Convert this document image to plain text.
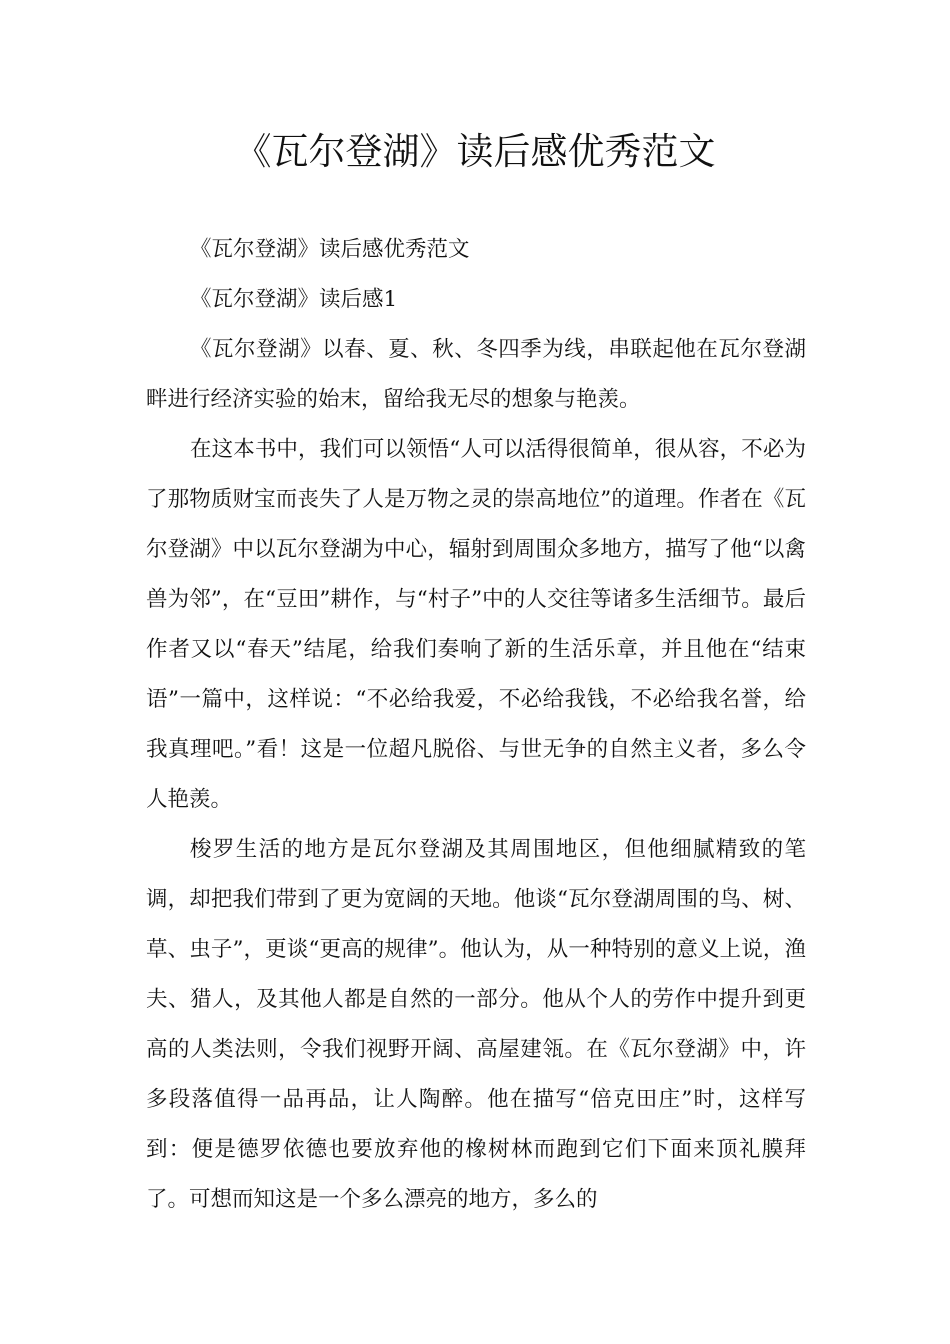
《瓦尔登湖》读后感优秀范文

《瓦尔登湖》读后感优秀范文

《瓦尔登湖》读后感1

《瓦尔登湖》以春、夏、秋、冬四季为线，串联起他在瓦尔登湖畔进行经济实验的始末，留给我无尽的想象与艳羡。

在这本书中，我们可以领悟“人可以活得很简单，很从容，不必为了那物质财宝而丧失了人是万物之灵的崇高地位”的道理。作者在《瓦尔登湖》中以瓦尔登湖为中心，辐射到周围众多地方，描写了他“以禽兽为邻”，在“豆田”耕作，与“村子”中的人交往等诸多生活细节。最后作者又以“春天”结尾，给我们奏响了新的生活乐章，并且他在“结束语”一篇中，这样说：“不必给我爱，不必给我钱，不必给我名誉，给我真理吧。”看！这是一位超凡脱俗、与世无争的自然主义者，多么令人艳羡。

梭罗生活的地方是瓦尔登湖及其周围地区，但他细腻精致的笔调，却把我们带到了更为宽阔的天地。他谈“瓦尔登湖周围的鸟、树、草、虫子”，更谈“更高的规律”。他认为，从一种特别的意义上说，渔夫、猎人，及其他人都是自然的一部分。他从个人的劳作中提升到更高的人类法则，令我们视野开阔、高屋建瓴。在《瓦尔登湖》中，许多段落值得一品再品，让人陶醉。他在描写“倍克田庄”时，这样写到：便是德罗依德也要放弃他的橡树林而跑到它们下面来顶礼膜拜了。可想而知这是一个多么漂亮的地方，多么的
